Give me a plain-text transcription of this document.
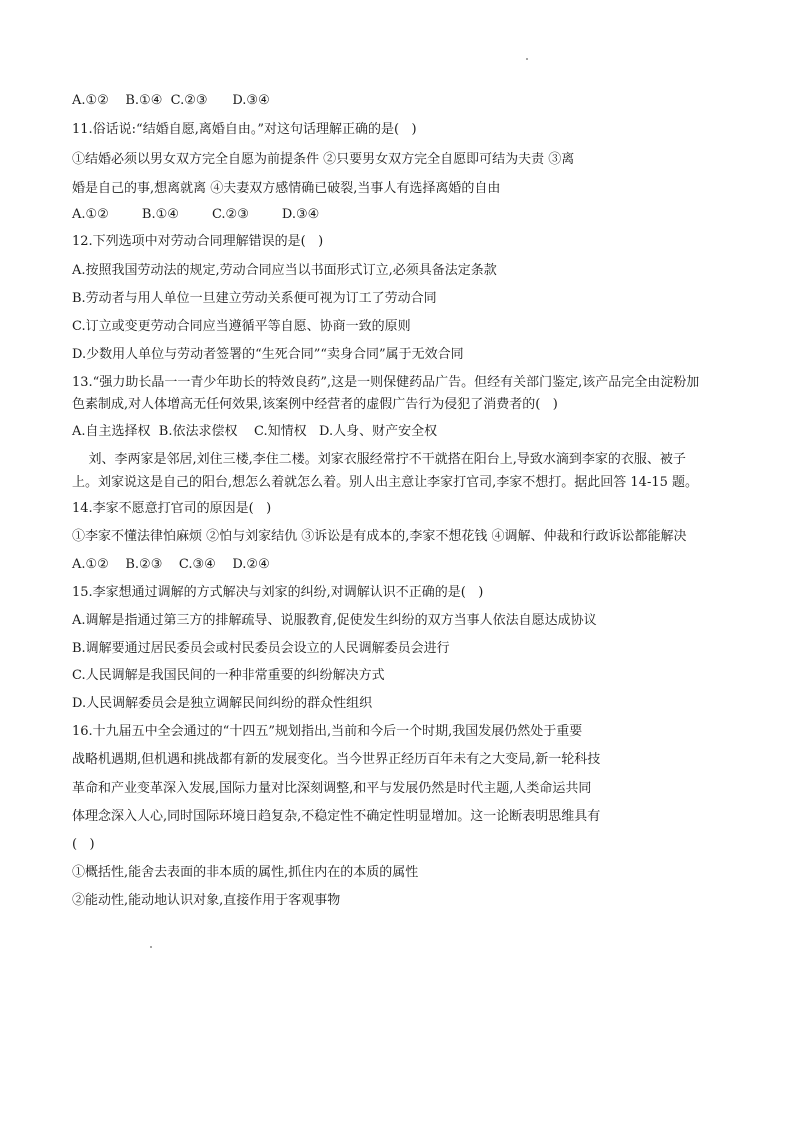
A.①②    B.①④  C.②③      D.③④
11.俗话说:“结婚自愿,离婚自由。”对这句话理解正确的是(   )
①结婚必须以男女双方完全自愿为前提条件 ②只要男女双方完全自愿即可结为夫责 ③离
婚是自己的事,想离就离 ④夫妻双方感情确已破裂,当事人有选择离婚的自由
A.①②        B.①④        C.②③        D.③④
12.下列选项中对劳动合同理解错误的是(   )
A.按照我国劳动法的规定,劳动合同应当以书面形式订立,必须具备法定条款
B.劳动者与用人单位一旦建立劳动关系便可视为订工了劳动合同
C.订立或变更劳动合同应当遵循平等自愿、协商一致的原则
D.少数用人单位与劳动者签署的“生死合同”“卖身合同”属于无效合同
13.“强力助长晶一一青少年助长的特效良药”,这是一则保健药品广告。但经有关部门鉴定,该产品完全由淀粉加
色素制成,对人体增高无任何效果,该案例中经营者的虚假广告行为侵犯了消费者的(   )
A.自主选择权  B.依法求偿权    C.知情权   D.人身、财产安全权
刘、李两家是邻居,刘住三楼,李住二楼。刘家衣服经常拧不干就搭在阳台上,导致水滴到李家的衣服、被子
上。刘家说这是自己的阳台,想怎么着就怎么着。别人出主意让李家打官司,李家不想打。据此回答 14-15 题。
14.李家不愿意打官司的原因是(   )
①李家不懂法律怕麻烦 ②怕与刘家结仇 ③诉讼是有成本的,李家不想花钱 ④调解、仲裁和行政诉讼都能解决
A.①②    B.②③    C.③④    D.②④
15.李家想通过调解的方式解决与刘家的纠纷,对调解认识不正确的是(   )
A.调解是指通过第三方的排解疏导、说服教育,促使发生纠纷的双方当事人依法自愿达成协议
B.调解要通过居民委员会或村民委员会设立的人民调解委员会进行
C.人民调解是我国民间的一种非常重要的纠纷解决方式
D.人民调解委员会是独立调解民间纠纷的群众性组织
16.十九届五中全会通过的“十四五”规划指出,当前和今后一个时期,我国发展仍然处于重要
战略机遇期,但机遇和挑战都有新的发展变化。当今世界正经历百年未有之大变局,新一轮科技
革命和产业变革深入发展,国际力量对比深刻调整,和平与发展仍然是时代主题,人类命运共同
体理念深入人心,同时国际环境日趋复杂,不稳定性不确定性明显增加。这一论断表明思维具有
(   )
①概括性,能舍去表面的非本质的属性,抓住内在的本质的属性
②能动性,能动地认识对象,直接作用于客观事物
